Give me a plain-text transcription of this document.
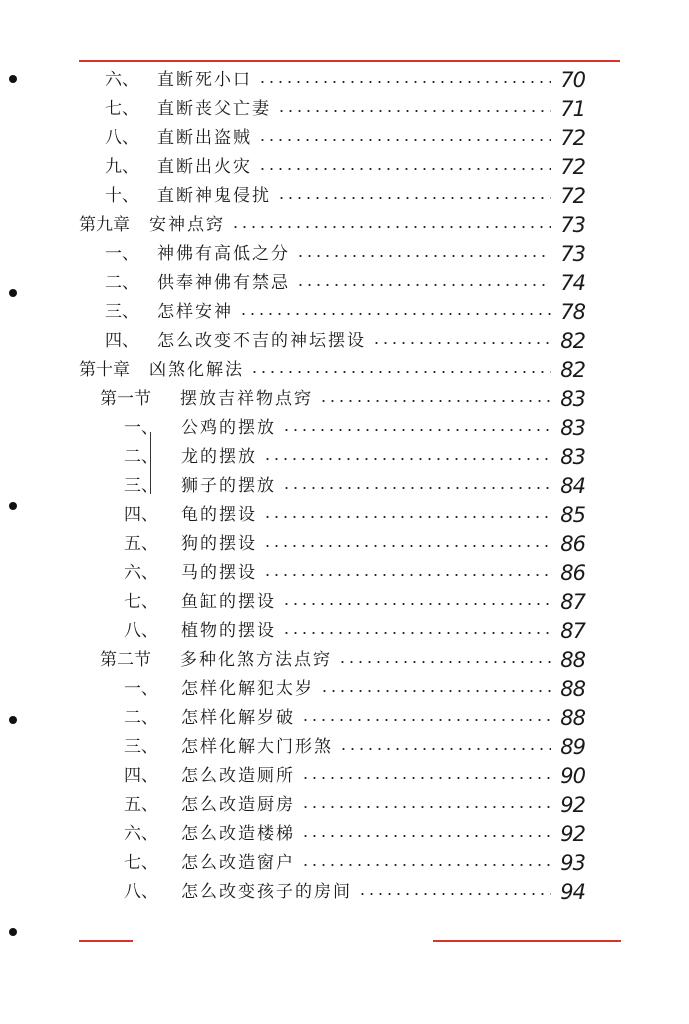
六、	直断死小口	70
七、	直断丧父亡妻	71
八、	直断出盗贼	72
九、	直断出火灾	72
十、	直断神鬼侵扰	72
第九章	安神点窍	73
一、	神佛有高低之分	73
二、	供奉神佛有禁忌	74
三、	怎样安神	78
四、	怎么改变不吉的神坛摆设	82
第十章	凶煞化解法	82
第一节	摆放吉祥物点窍	83
一、	公鸡的摆放	83
二、	龙的摆放	83
三、	狮子的摆放	84
四、	龟的摆设	85
五、	狗的摆设	86
六、	马的摆设	86
七、	鱼缸的摆设	87
八、	植物的摆设	87
第二节	多种化煞方法点窍	88
一、	怎样化解犯太岁	88
二、	怎样化解岁破	88
三、	怎样化解大门形煞	89
四、	怎么改造厕所	90
五、	怎么改造厨房	92
六、	怎么改造楼梯	92
七、	怎么改造窗户	93
八、	怎么改变孩子的房间	94
